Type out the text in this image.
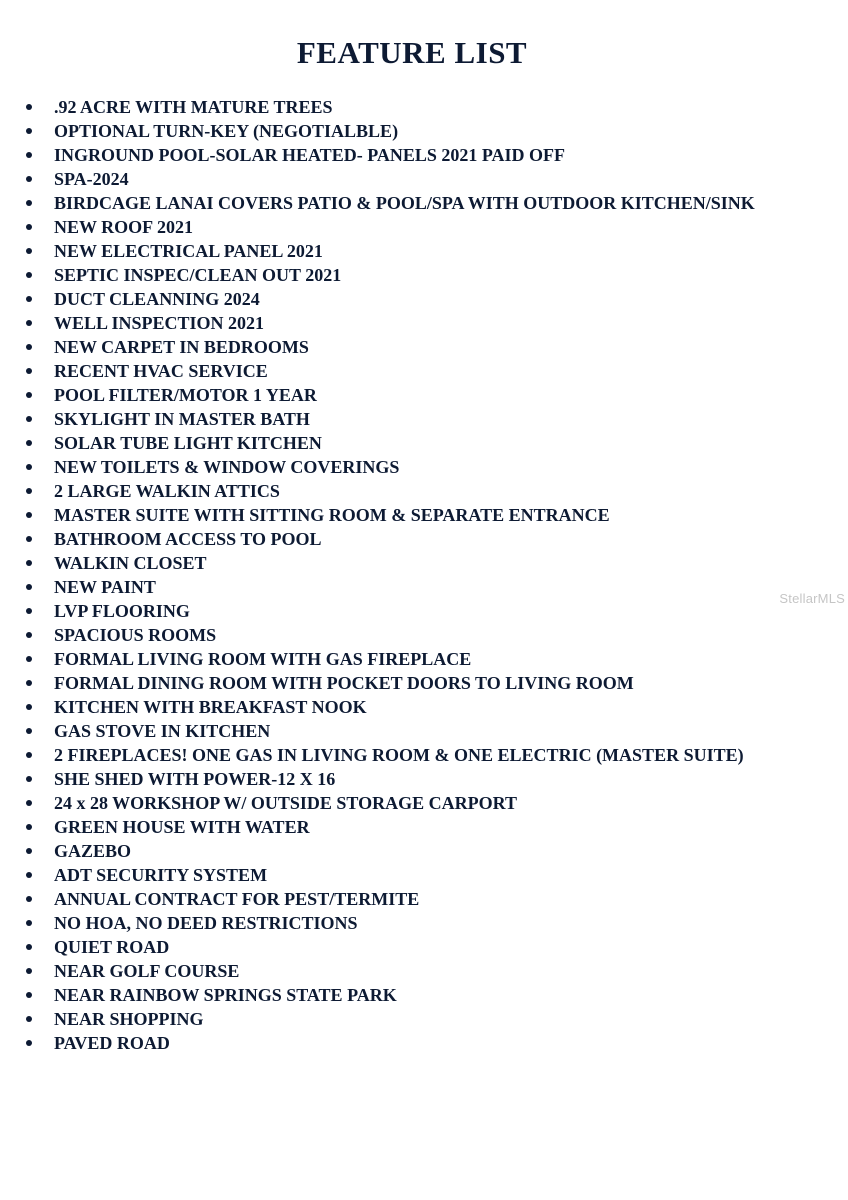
FEATURE LIST
.92 ACRE WITH MATURE TREES
OPTIONAL TURN-KEY (NEGOTIALBLE)
INGROUND POOL-SOLAR HEATED- PANELS 2021 PAID OFF
SPA-2024
BIRDCAGE LANAI COVERS PATIO & POOL/SPA WITH OUTDOOR KITCHEN/SINK
NEW ROOF 2021
NEW ELECTRICAL PANEL 2021
SEPTIC INSPEC/CLEAN OUT 2021
DUCT CLEANNING 2024
WELL INSPECTION 2021
NEW CARPET IN BEDROOMS
RECENT HVAC SERVICE
POOL FILTER/MOTOR 1 YEAR
SKYLIGHT IN MASTER BATH
SOLAR TUBE LIGHT KITCHEN
NEW TOILETS & WINDOW COVERINGS
2 LARGE WALKIN ATTICS
MASTER SUITE WITH SITTING ROOM & SEPARATE ENTRANCE
BATHROOM ACCESS TO POOL
WALKIN CLOSET
NEW PAINT
LVP FLOORING
SPACIOUS ROOMS
FORMAL LIVING ROOM WITH GAS FIREPLACE
FORMAL DINING ROOM WITH POCKET DOORS TO LIVING ROOM
KITCHEN WITH BREAKFAST NOOK
GAS STOVE IN KITCHEN
2 FIREPLACES! ONE GAS IN LIVING ROOM & ONE ELECTRIC (MASTER SUITE)
SHE SHED WITH POWER-12 X 16
24 x 28 WORKSHOP W/ OUTSIDE STORAGE CARPORT
GREEN HOUSE WITH WATER
GAZEBO
ADT SECURITY SYSTEM
ANNUAL CONTRACT FOR PEST/TERMITE
NO HOA, NO DEED RESTRICTIONS
QUIET ROAD
NEAR GOLF COURSE
NEAR RAINBOW SPRINGS STATE PARK
NEAR SHOPPING
PAVED ROAD
StellarMLS
